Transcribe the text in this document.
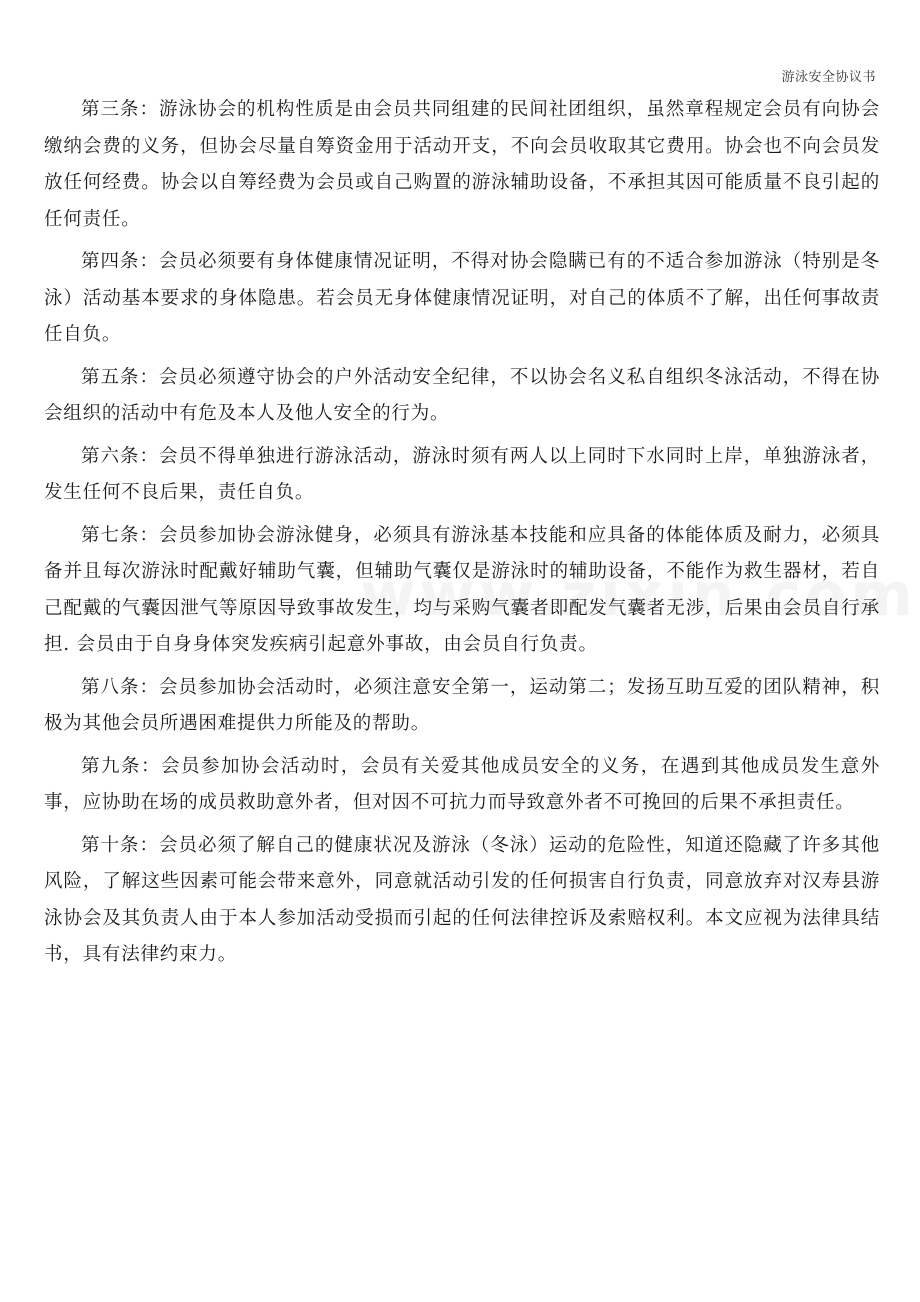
游泳安全协议书

第三条：游泳协会的机构性质是由会员共同组建的民间社团组织，虽然章程规定会员有向协会缴纳会费的义务，但协会尽量自筹资金用于活动开支，不向会员收取其它费用。协会也不向会员发放任何经费。协会以自筹经费为会员或自己购置的游泳辅助设备，不承担其因可能质量不良引起的任何责任。

第四条：会员必须要有身体健康情况证明，不得对协会隐瞒已有的不适合参加游泳（特别是冬泳）活动基本要求的身体隐患。若会员无身体健康情况证明，对自己的体质不了解，出任何事故责任自负。

第五条：会员必须遵守协会的户外活动安全纪律，不以协会名义私自组织冬泳活动，不得在协会组织的活动中有危及本人及他人安全的行为。

第六条：会员不得单独进行游泳活动，游泳时须有两人以上同时下水同时上岸，单独游泳者，发生任何不良后果，责任自负。

第七条：会员参加协会游泳健身，必须具有游泳基本技能和应具备的体能体质及耐力，必须具备并且每次游泳时配戴好辅助气囊，但辅助气囊仅是游泳时的辅助设备，不能作为救生器材，若自己配戴的气囊因泄气等原因导致事故发生，均与采购气囊者即配发气囊者无涉，后果由会员自行承担. 会员由于自身身体突发疾病引起意外事故，由会员自行负责。

第八条：会员参加协会活动时，必须注意安全第一，运动第二；发扬互助互爱的团队精神，积极为其他会员所遇困难提供力所能及的帮助。

第九条：会员参加协会活动时，会员有关爱其他成员安全的义务，在遇到其他成员发生意外事，应协助在场的成员救助意外者，但对因不可抗力而导致意外者不可挽回的后果不承担责任。

第十条：会员必须了解自己的健康状况及游泳（冬泳）运动的危险性，知道还隐藏了许多其他风险，了解这些因素可能会带来意外，同意就活动引发的任何损害自行负责，同意放弃对汉寿县游泳协会及其负责人由于本人参加活动受损而引起的任何法律控诉及索赔权利。本文应视为法律具结书，具有法律约束力。
